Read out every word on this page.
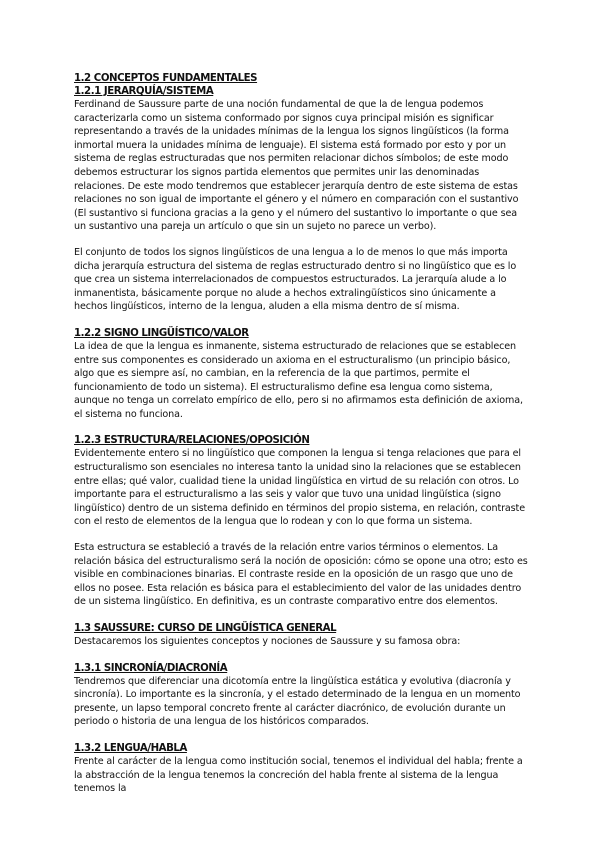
1.2 CONCEPTOS FUNDAMENTALES
1.2.1 JERARQUÍA/SISTEMA

Ferdinand de Saussure parte de una noción fundamental de que la de lengua podemos caracterizarla como un sistema conformado por signos cuya principal misión es significar representando a través de la unidades mínimas de la lengua los signos lingüísticos (la forma inmortal muera la unidades mínima de lenguaje). El sistema está formado por esto y por un sistema de reglas estructuradas que nos permiten relacionar dichos símbolos; de este modo debemos estructurar los signos partida elementos que permites unir las denominadas relaciones. De este modo tendremos que establecer jerarquía dentro de este sistema de estas relaciones no son igual de importante el género y el número en comparación con el sustantivo (El sustantivo si funciona gracias a la geno y el número del sustantivo lo importante o que sea un sustantivo una pareja un artículo o que sin un sujeto no parece un verbo).

El conjunto de todos los signos lingüísticos de una lengua a lo de menos lo que más importa dicha jerarquía estructura del sistema de reglas estructurado dentro si no lingüístico que es lo que crea un sistema interrelacionados de compuestos estructurados. La jerarquía alude a lo inmanentista, básicamente porque no alude a hechos extralingüísticos sino únicamente a hechos lingüísticos, interno de la lengua, aluden a ella misma dentro de sí misma.

1.2.2 SIGNO LINGÜÍSTICO/VALOR

La idea de que la lengua es inmanente, sistema estructurado de relaciones que se establecen entre sus componentes es considerado un axioma en el estructuralismo (un principio básico, algo que es siempre así, no cambian, en la referencia de la que partimos, permite el funcionamiento de todo un sistema). El estructuralismo define esa lengua como sistema, aunque no tenga un correlato empírico de ello, pero si no afirmamos esta definición de axioma, el sistema no funciona.

1.2.3 ESTRUCTURA/RELACIONES/OPOSICIÓN

Evidentemente entero si no lingüístico que componen la lengua si tenga relaciones que para el estructuralismo son esenciales no interesa tanto la unidad sino la relaciones que se establecen entre ellas; qué valor, cualidad tiene la unidad lingüística en virtud de su relación con otros. Lo importante para el estructuralismo a las seis y valor que tuvo una unidad lingüística (signo lingüístico) dentro de un sistema definido en términos del propio sistema, en relación, contraste con el resto de elementos de la lengua que lo rodean y con lo que forma un sistema.

Esta estructura se estableció a través de la relación entre varios términos o elementos. La relación básica del estructuralismo será la noción de oposición: cómo se opone una otro; esto es visible en combinaciones binarias. El contraste reside en la oposición de un rasgo que uno de ellos no posee. Esta relación es básica para el establecimiento del valor de las unidades dentro de un sistema lingüístico. En definitiva, es un contraste comparativo entre dos elementos.

1.3 SAUSSURE: CURSO DE LINGÜÍSTICA GENERAL

Destacaremos los siguientes conceptos y nociones de Saussure y su famosa obra:

1.3.1 SINCRONÍA/DIACRONÍA

Tendremos que diferenciar una dicotomía entre la lingüística estática y evolutiva (diacronía y sincronía). Lo importante es la sincronía, y el estado determinado de la lengua en un momento presente, un lapso temporal concreto frente al carácter diacrónico, de evolución durante un periodo o historia de una lengua de los históricos comparados.

1.3.2 LENGUA/HABLA

Frente al carácter de la lengua como institución social, tenemos el individual del habla; frente a la abstracción de la lengua tenemos la concreción del habla frente al sistema de la lengua tenemos la
